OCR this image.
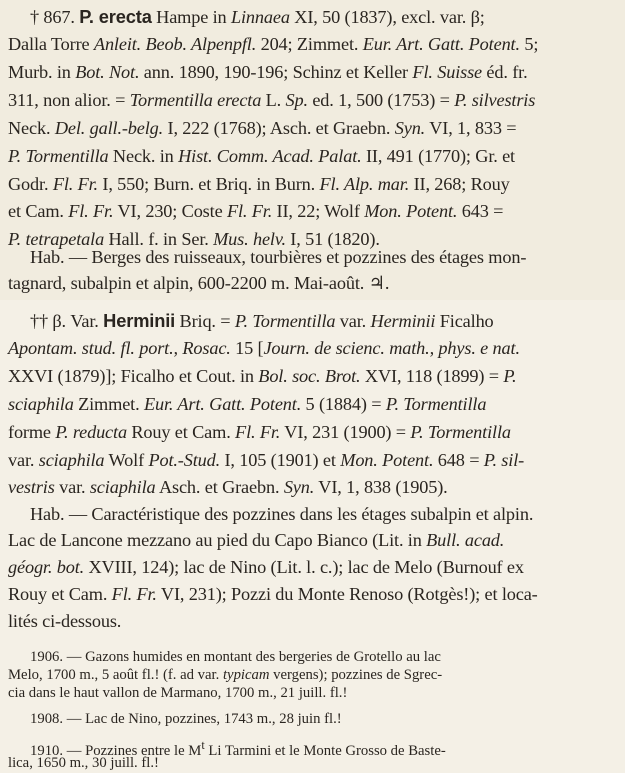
† 867. P. erecta Hampe in Linnaea XI, 50 (1837), excl. var. β;
Dalla Torre Anleit. Beob. Alpenpfl. 204; Zimmet. Eur. Art. Gatt. Potent. 5;
Murb. in Bot. Not. ann. 1890, 190-196; Schinz et Keller Fl. Suisse éd. fr.
311, non alior. = Tormentilla erecta L. Sp. ed. 1, 500 (1753) = P. silvestris
Neck. Del. gall.-belg. I, 222 (1768); Asch. et Graebn. Syn. VI, 1, 833 =
P. Tormentilla Neck. in Hist. Comm. Acad. Palat. II, 491 (1770); Gr. et
Godr. Fl. Fr. I, 550; Burn. et Briq. in Burn. Fl. Alp. mar. II, 268; Rouy
et Cam. Fl. Fr. VI, 230; Coste Fl. Fr. II, 22; Wolf Mon. Potent. 643 =
P. tetrapetala Hall. f. in Ser. Mus. helv. I, 51 (1820).
Hab. — Berges des ruisseaux, tourbières et pozzines des étages mon-
tagnard, subalpin et alpin, 600-2200 m. Mai-août. ♃.
†† β. Var. Herminii Briq. = P. Tormentilla var. Herminii Ficalho
Apontam. stud. fl. port., Rosac. 15 [Journ. de scienc. math., phys. e nat.
XXVI (1879)]; Ficalho et Cout. in Bol. soc. Brot. XVI, 118 (1899) = P.
sciaphila Zimmet. Eur. Art. Gatt. Potent. 5 (1884) = P. Tormentilla
forme P. reducta Rouy et Cam. Fl. Fr. VI, 231 (1900) = P. Tormentilla
var. sciaphila Wolf Pot.-Stud. I, 105 (1901) et Mon. Potent. 648 = P. sil-
vestris var. sciaphila Asch. et Graebn. Syn. VI, 1, 838 (1905).
Hab. — Caractéristique des pozzines dans les étages subalpin et alpin.
Lac de Lancone mezzano au pied du Capo Bianco (Lit. in Bull. acad.
géogr. bot. XVIII, 124); lac de Nino (Lit. l. c.); lac de Melo (Burnouf ex
Rouy et Cam. Fl. Fr. VI, 231); Pozzi du Monte Renoso (Rotgès!); et loca-
lités ci-dessous.
1906. — Gazons humides en montant des bergeries de Grotello au lac
Melo, 1700 m., 5 août fl.! (f. ad var. typicam vergens); pozzines de Sgrec-
cia dans le haut vallon de Marmano, 1700 m., 21 juill. fl.!
1908. — Lac de Nino, pozzines, 1743 m., 28 juin fl.!
1910. — Pozzines entre le $M^t$ Li Tarmini et le Monte Grosso de Baste-
lica, 1650 m., 30 juill. fl.!
